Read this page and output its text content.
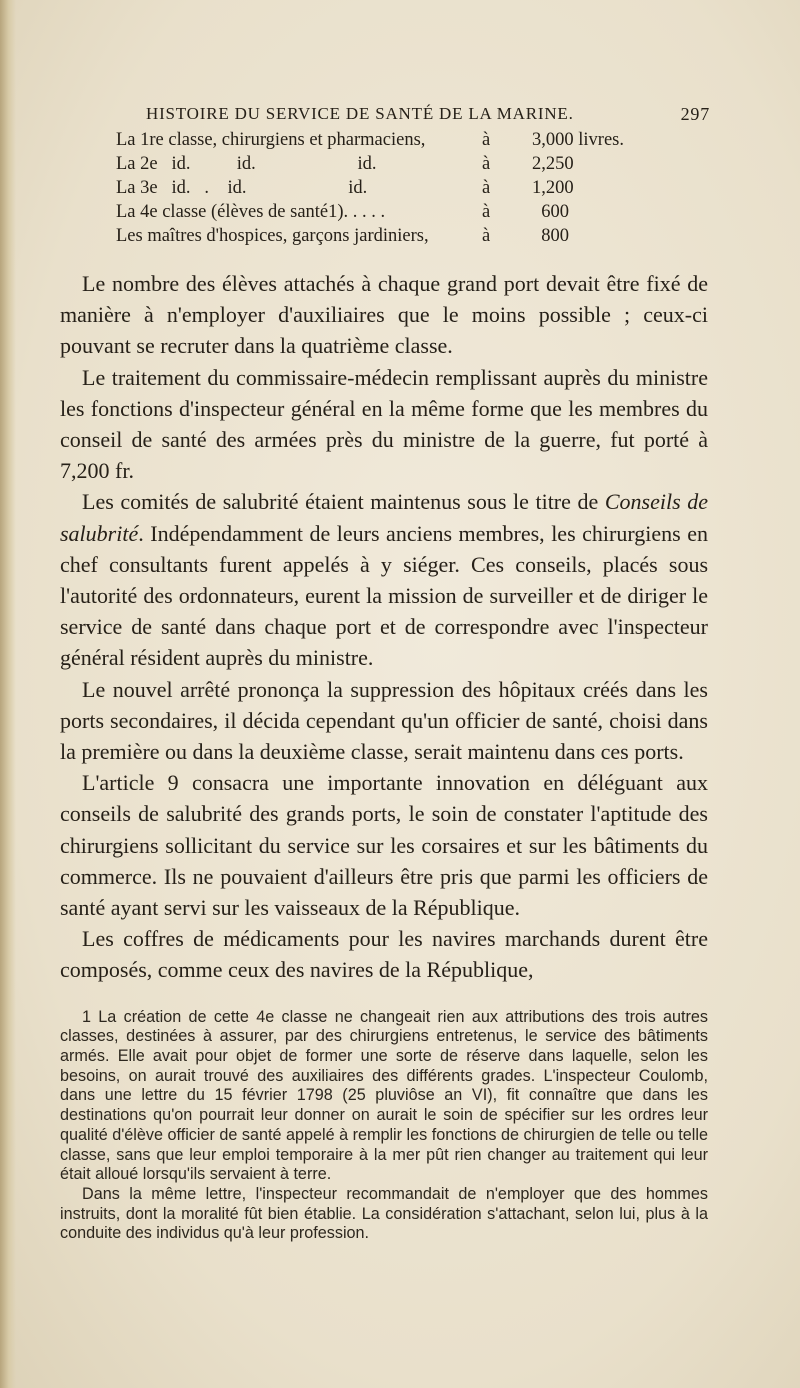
HISTOIRE DU SERVICE DE SANTÉ DE LA MARINE.	297
La 1re classe, chirurgiens et pharmaciens,	à	3,000 livres.
La 2e   id.          id.                      id.	à	2,250
La 3e   id.   .    id.                      id.	à	1,200
La 4e classe (élèves de santé1). . . . .	à	600
Les maîtres d'hospices, garçons jardiniers,	à	800

Le nombre des élèves attachés à chaque grand port devait être fixé de manière à n'employer d'auxiliaires que le moins possible ; ceux-ci pouvant se recruter dans la quatrième classe.

Le traitement du commissaire-médecin remplissant auprès du ministre les fonctions d'inspecteur général en la même forme que les membres du conseil de santé des armées près du ministre de la guerre, fut porté à 7,200 fr.

Les comités de salubrité étaient maintenus sous le titre de Conseils de salubrité. Indépendamment de leurs anciens membres, les chirurgiens en chef consultants furent appelés à y siéger. Ces conseils, placés sous l'autorité des ordonnateurs, eurent la mission de surveiller et de diriger le service de santé dans chaque port et de correspondre avec l'inspecteur général résident auprès du ministre.

Le nouvel arrêté prononça la suppression des hôpitaux créés dans les ports secondaires, il décida cependant qu'un officier de santé, choisi dans la première ou dans la deuxième classe, serait maintenu dans ces ports.

L'article 9 consacra une importante innovation en déléguant aux conseils de salubrité des grands ports, le soin de constater l'aptitude des chirurgiens sollicitant du service sur les corsaires et sur les bâtiments du commerce. Ils ne pouvaient d'ailleurs être pris que parmi les officiers de santé ayant servi sur les vaisseaux de la République.

Les coffres de médicaments pour les navires marchands durent être composés, comme ceux des navires de la République,

1 La création de cette 4e classe ne changeait rien aux attributions des trois autres classes, destinées à assurer, par des chirurgiens entretenus, le service des bâtiments armés. Elle avait pour objet de former une sorte de réserve dans laquelle, selon les besoins, on aurait trouvé des auxiliaires des différents grades. L'inspecteur Coulomb, dans une lettre du 15 février 1798 (25 pluviôse an VI), fit connaître que dans les destinations qu'on pourrait leur donner on aurait le soin de spécifier sur les ordres leur qualité d'élève officier de santé appelé à remplir les fonctions de chirurgien de telle ou telle classe, sans que leur emploi temporaire à la mer pût rien changer au traitement qui leur était alloué lorsqu'ils servaient à terre.

Dans la même lettre, l'inspecteur recommandait de n'employer que des hommes instruits, dont la moralité fût bien établie. La considération s'attachant, selon lui, plus à la conduite des individus qu'à leur profession.
